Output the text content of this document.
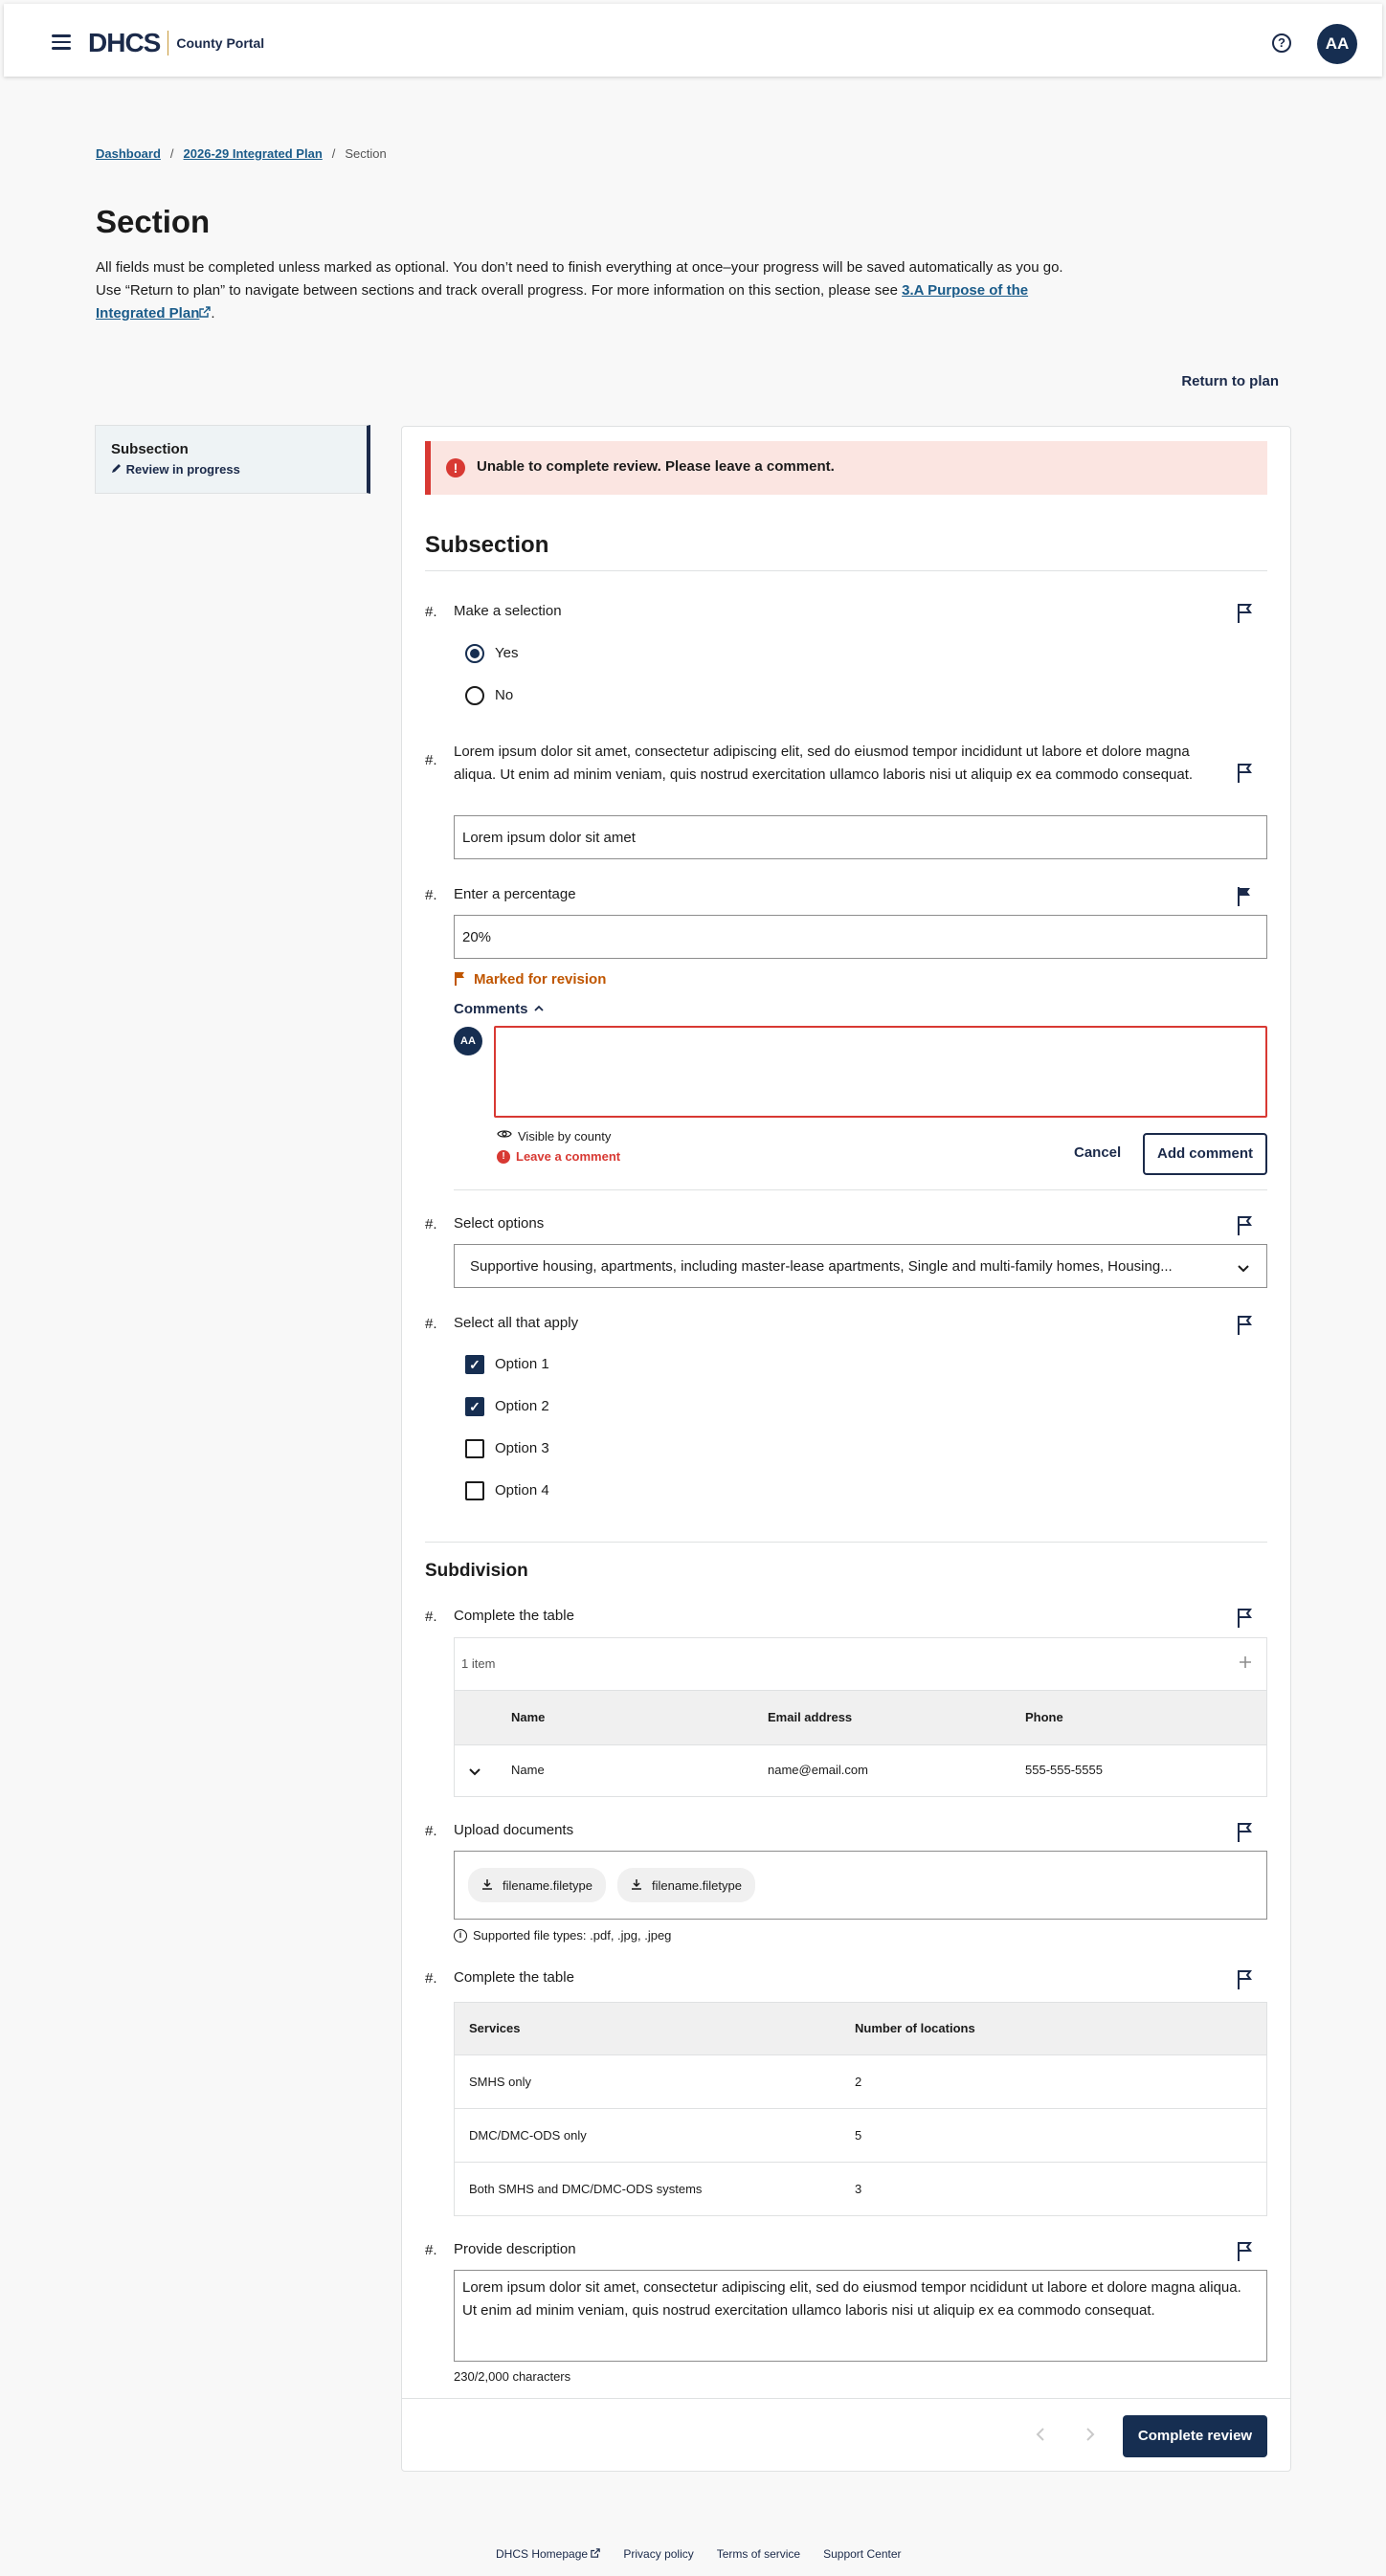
DHCS County Portal	?	AA
Dashboard / 2026-29 Integrated Plan / Section
Section
All fields must be completed unless marked as optional. You don’t need to finish everything at once–your progress will be saved automatically as you go.
Use “Return to plan” to navigate between sections and track overall progress. For more information on this section, please see 3.A Purpose of the Integrated Plan .
Return to plan
Subsection
Review in progress	!	Unable to complete review. Please leave a comment.
Subsection
#. Make a selection
Yes
No
#.
Lorem ipsum dolor sit amet, consectetur adipiscing elit, sed do eiusmod tempor incididunt ut labore et dolore magna aliqua. Ut enim ad minim veniam, quis nostrud exercitation ullamco laboris nisi ut aliquip ex ea commodo consequat.
Lorem ipsum dolor sit amet
#. Enter a percentage
20%
Marked for revision
Comments
AA
Visible by county
! Leave a comment	Cancel	Add comment
#. Select options
Supportive housing, apartments, including master-lease apartments, Single and multi-family homes, Housing...
#. Select all that apply
✓ Option 1
✓ Option 2
Option 3
Option 4
Subdivision
#. Complete the table
1 item
Name	Email address	Phone
Name	name@email.com	555-555-5555
#. Upload documents
filename.filetype	filename.filetype
i Supported file types: .pdf, .jpg, .jpeg
#. Complete the table
Services	Number of locations
SMHS only	2
DMC/DMC-ODS only	5
Both SMHS and DMC/DMC-ODS systems	3
#. Provide description
Lorem ipsum dolor sit amet, consectetur adipiscing elit, sed do eiusmod tempor ncididunt ut labore et dolore magna aliqua. Ut enim ad minim veniam, quis nostrud exercitation ullamco laboris nisi ut aliquip ex ea commodo consequat.
230/2,000 characters
Complete review
DHCS Homepage	Privacy policy Terms of service Support Center
